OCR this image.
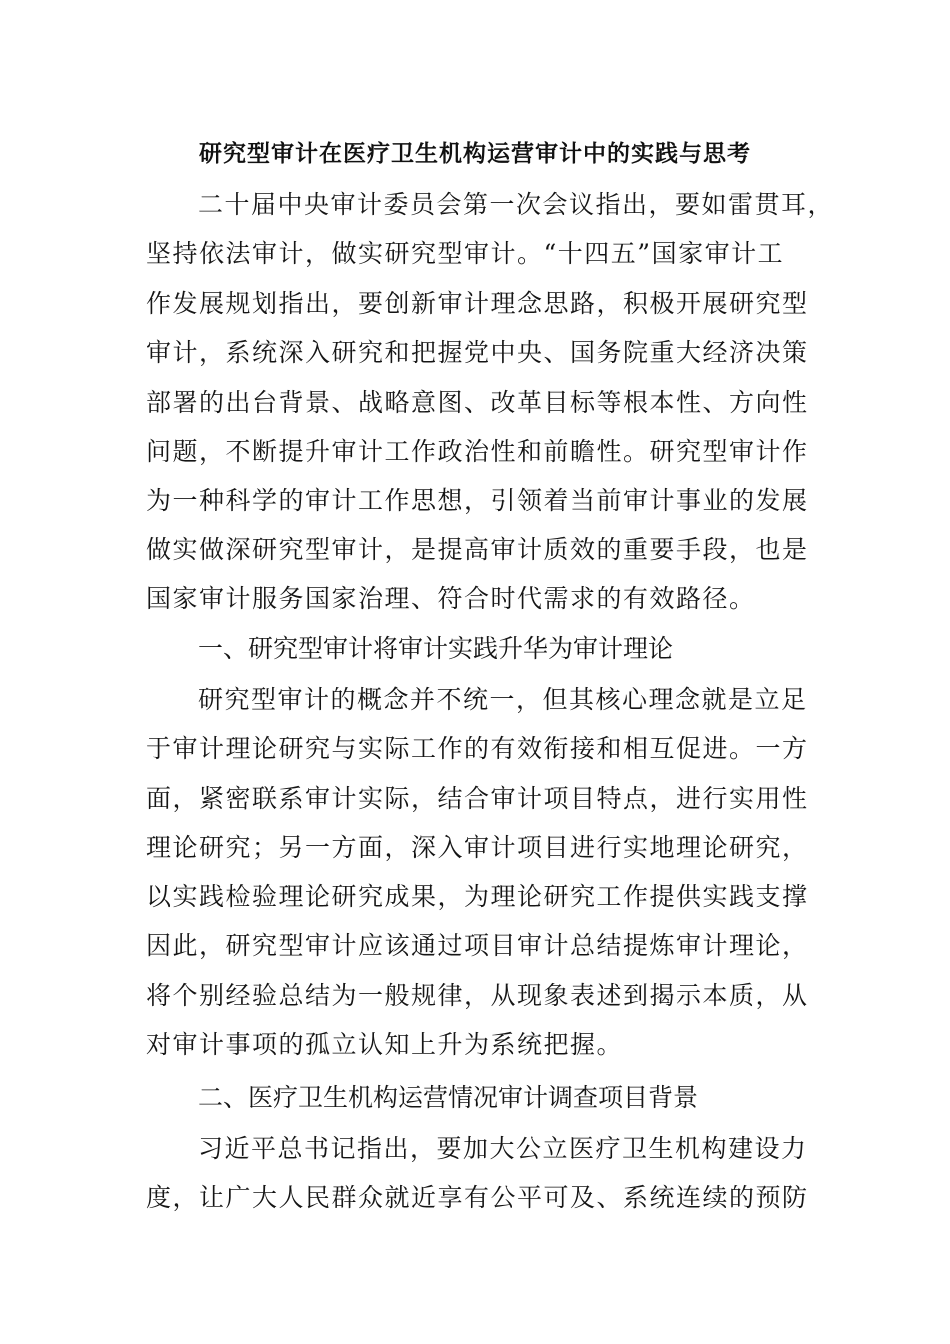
研究型审计在医疗卫生机构运营审计中的实践与思考
二十届中央审计委员会第一次会议指出，要如雷贯耳，
坚持依法审计，做实研究型审计。“十四五”国家审计工
作发展规划指出，要创新审计理念思路，积极开展研究型
审计，系统深入研究和把握党中央、国务院重大经济决策
部署的出台背景、战略意图、改革目标等根本性、方向性
问题，不断提升审计工作政治性和前瞻性。研究型审计作
为一种科学的审计工作思想，引领着当前审计事业的发展
做实做深研究型审计，是提高审计质效的重要手段，也是
国家审计服务国家治理、符合时代需求的有效路径。
一、研究型审计将审计实践升华为审计理论
研究型审计的概念并不统一，但其核心理念就是立足
于审计理论研究与实际工作的有效衔接和相互促进。一方
面，紧密联系审计实际，结合审计项目特点，进行实用性
理论研究；另一方面，深入审计项目进行实地理论研究，
以实践检验理论研究成果，为理论研究工作提供实践支撑
因此，研究型审计应该通过项目审计总结提炼审计理论，
将个别经验总结为一般规律，从现象表述到揭示本质，从
对审计事项的孤立认知上升为系统把握。
二、医疗卫生机构运营情况审计调查项目背景
习近平总书记指出，要加大公立医疗卫生机构建设力
度，让广大人民群众就近享有公平可及、系统连续的预防
